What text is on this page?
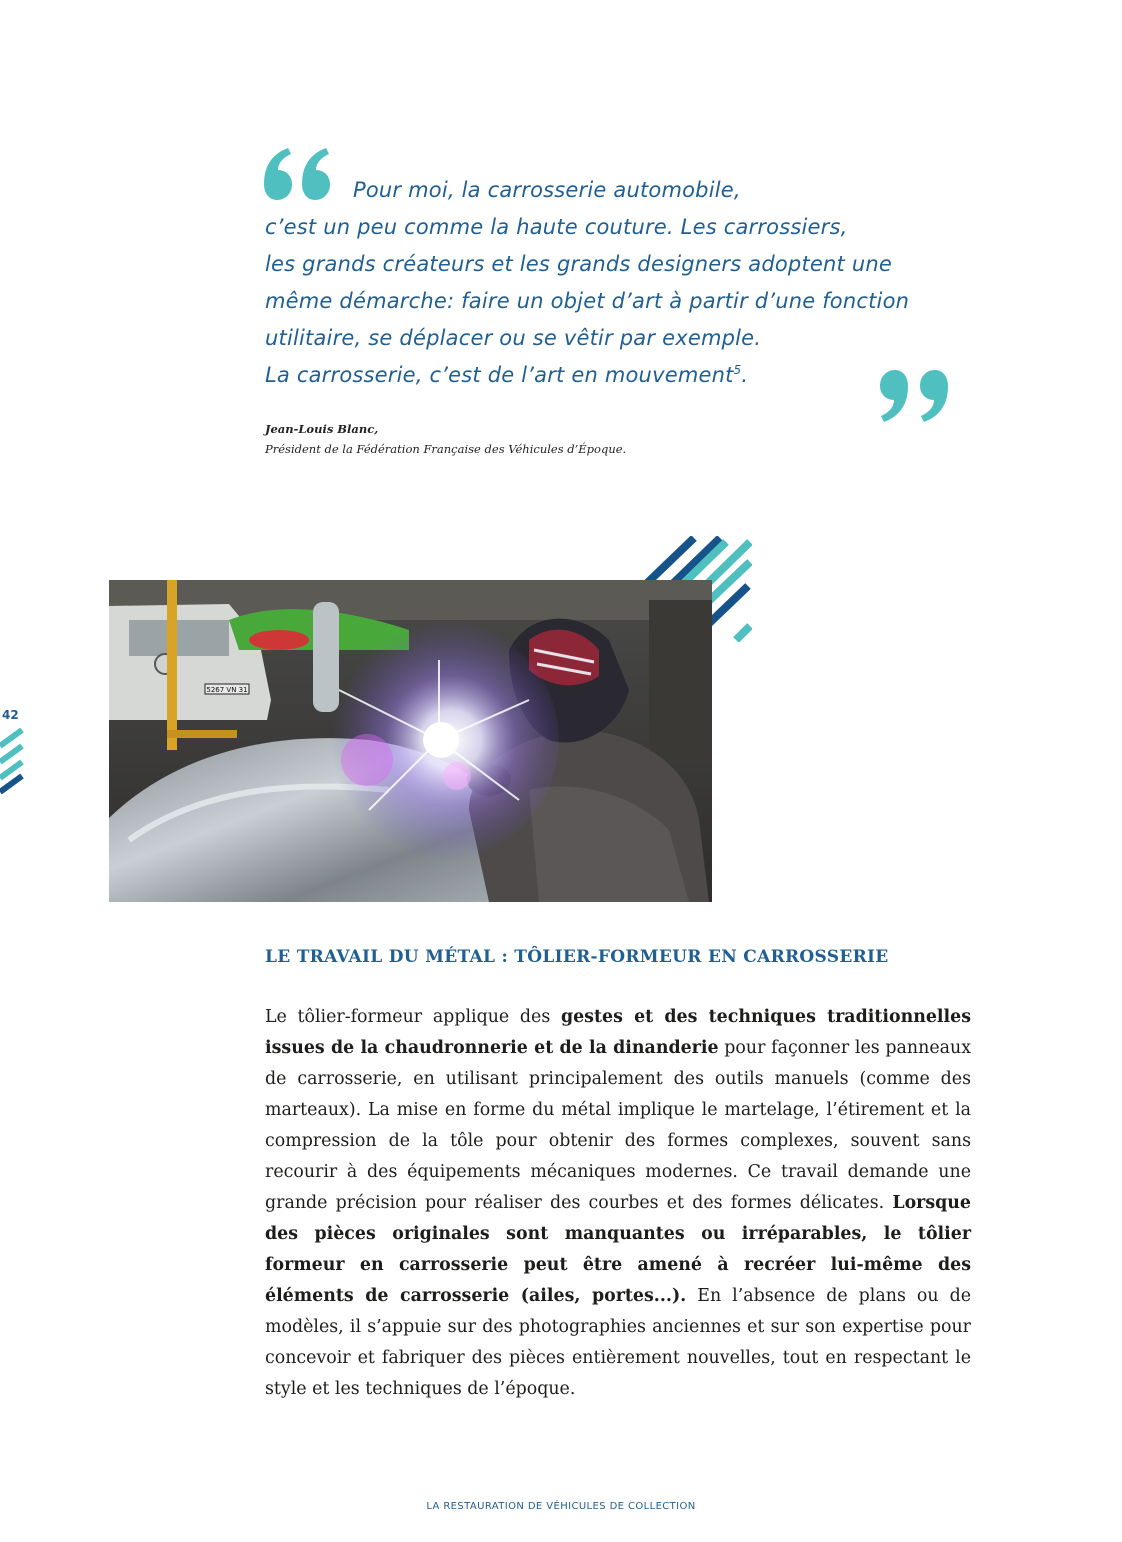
Pour moi, la carrosserie automobile,
c’est un peu comme la haute couture. Les carrossiers,
les grands créateurs et les grands designers adoptent une
même démarche: faire un objet d’art à partir d’une fonction
utilitaire, se déplacer ou se vêtir par exemple.
La carrosserie, c’est de l’art en mouvement$^5$.

Jean-Louis Blanc,
Président de la Fédération Française des Véhicules d’Époque.
5267 VN 31
42
LE TRAVAIL DU MÉTAL : TÔLIER-FORMEUR EN CARROSSERIE

Le tôlier-formeur applique des gestes et des techniques traditionnelles issues de la chaudronnerie et de la dinanderie pour façonner les panneaux de carrosserie, en utilisant principalement des outils manuels (comme des marteaux). La mise en forme du métal implique le martelage, l’étirement et la compression de la tôle pour obtenir des formes complexes, souvent sans recourir à des équipements mécaniques modernes. Ce travail demande une grande précision pour réaliser des courbes et des formes délicates. Lorsque des pièces originales sont manquantes ou irréparables, le tôlier formeur en carrosserie peut être amené à recréer lui-même des éléments de carrosserie (ailes, portes...). En l’absence de plans ou de modèles, il s’appuie sur des photographies anciennes et sur son expertise pour concevoir et fabriquer des pièces entièrement nouvelles, tout en respectant le style et les techniques de l’époque.

LA RESTAURATION DE VÉHICULES DE COLLECTION
